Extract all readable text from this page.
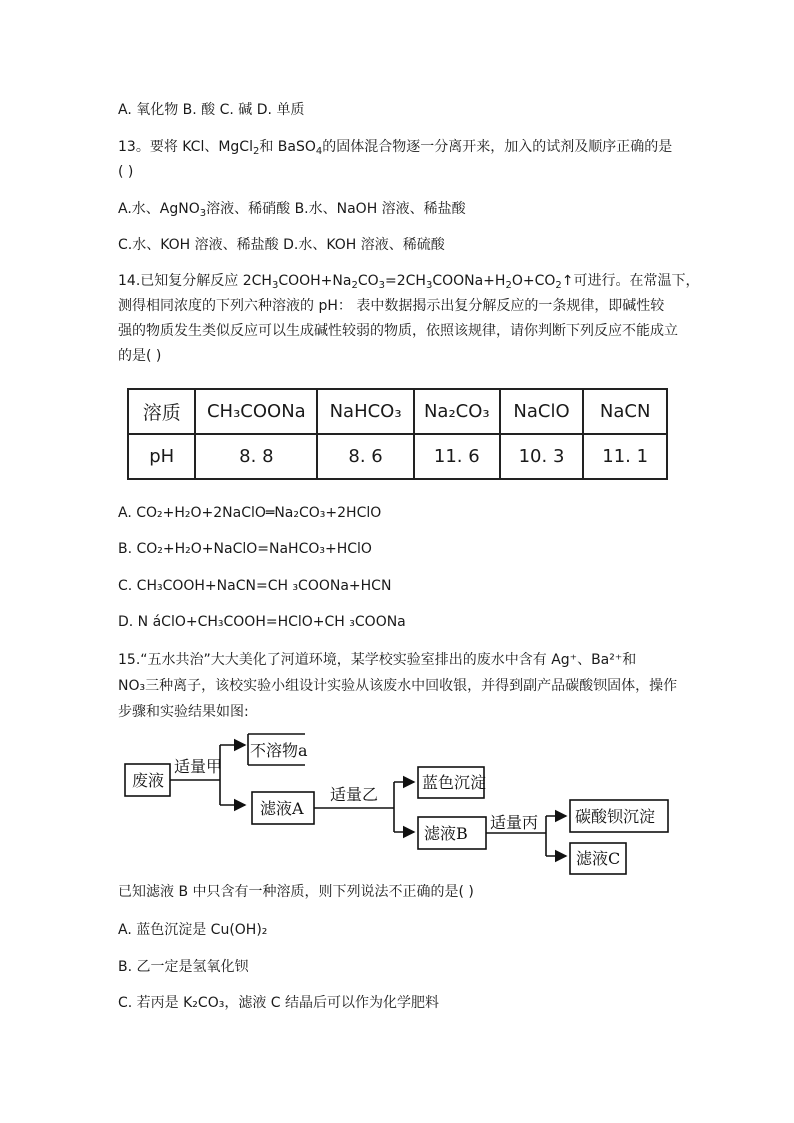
A. 氧化物 B. 酸 C. 碱 D. 单质
13。要将 KCl、MgCl$_2$和 BaSO$_4$的固体混合物逐一分离开来，加入的试剂及顺序正确的是
( )
A.水、AgNO$_3$溶液、稀硝酸 B.水、NaOH 溶液、稀盐酸
C.水、KOH 溶液、稀盐酸 D.水、KOH 溶液、稀硫酸
14.已知复分解反应 $2CH_3COOH+Na_2CO_3=2CH_3COONa+H_2O+CO_2↑$可进行。在常温下，
测得相同浓度的下列六种溶液的 pH： 表中数据揭示出复分解反应的一条规律，即碱性较
强的物质发生类似反应可以生成碱性较弱的物质，依照该规律，请你判断下列反应不能成立
的是( )
溶质	CH₃COONa	NaHCO₃	Na₂CO₃	NaClO	NaCN
pH	8. 8	8. 6	11. 6	10. 3	11. 1
A. CO₂+H₂O+2NaClO═Na₂CO₃+2HClO
B. CO₂+H₂O+NaClO=NaHCO₃+HClO
C. CH₃COOH+NaCN=CH ₃COONa+HCN
D. N áClO+CH₃COOH=HClO+CH ₃COONa
15.“五水共治”大大美化了河道环境，某学校实验室排出的废水中含有 Ag⁺、Ba²⁺和
NO₃三种离子，该校实验小组设计实验从该废水中回收银，并得到副产品碳酸钡固体，操作
步骤和实验结果如图:
废液
适量甲
不溶物a
滤液A
适量乙
蓝色沉淀
滤液B
适量丙 碳酸钡沉淀
滤液C
已知滤液 B 中只含有一种溶质，则下列说法不正确的是( )
A. 蓝色沉淀是 Cu(OH)₂
B. 乙一定是氢氧化钡
C. 若丙是 K₂CO₃，滤液 C 结晶后可以作为化学肥料
